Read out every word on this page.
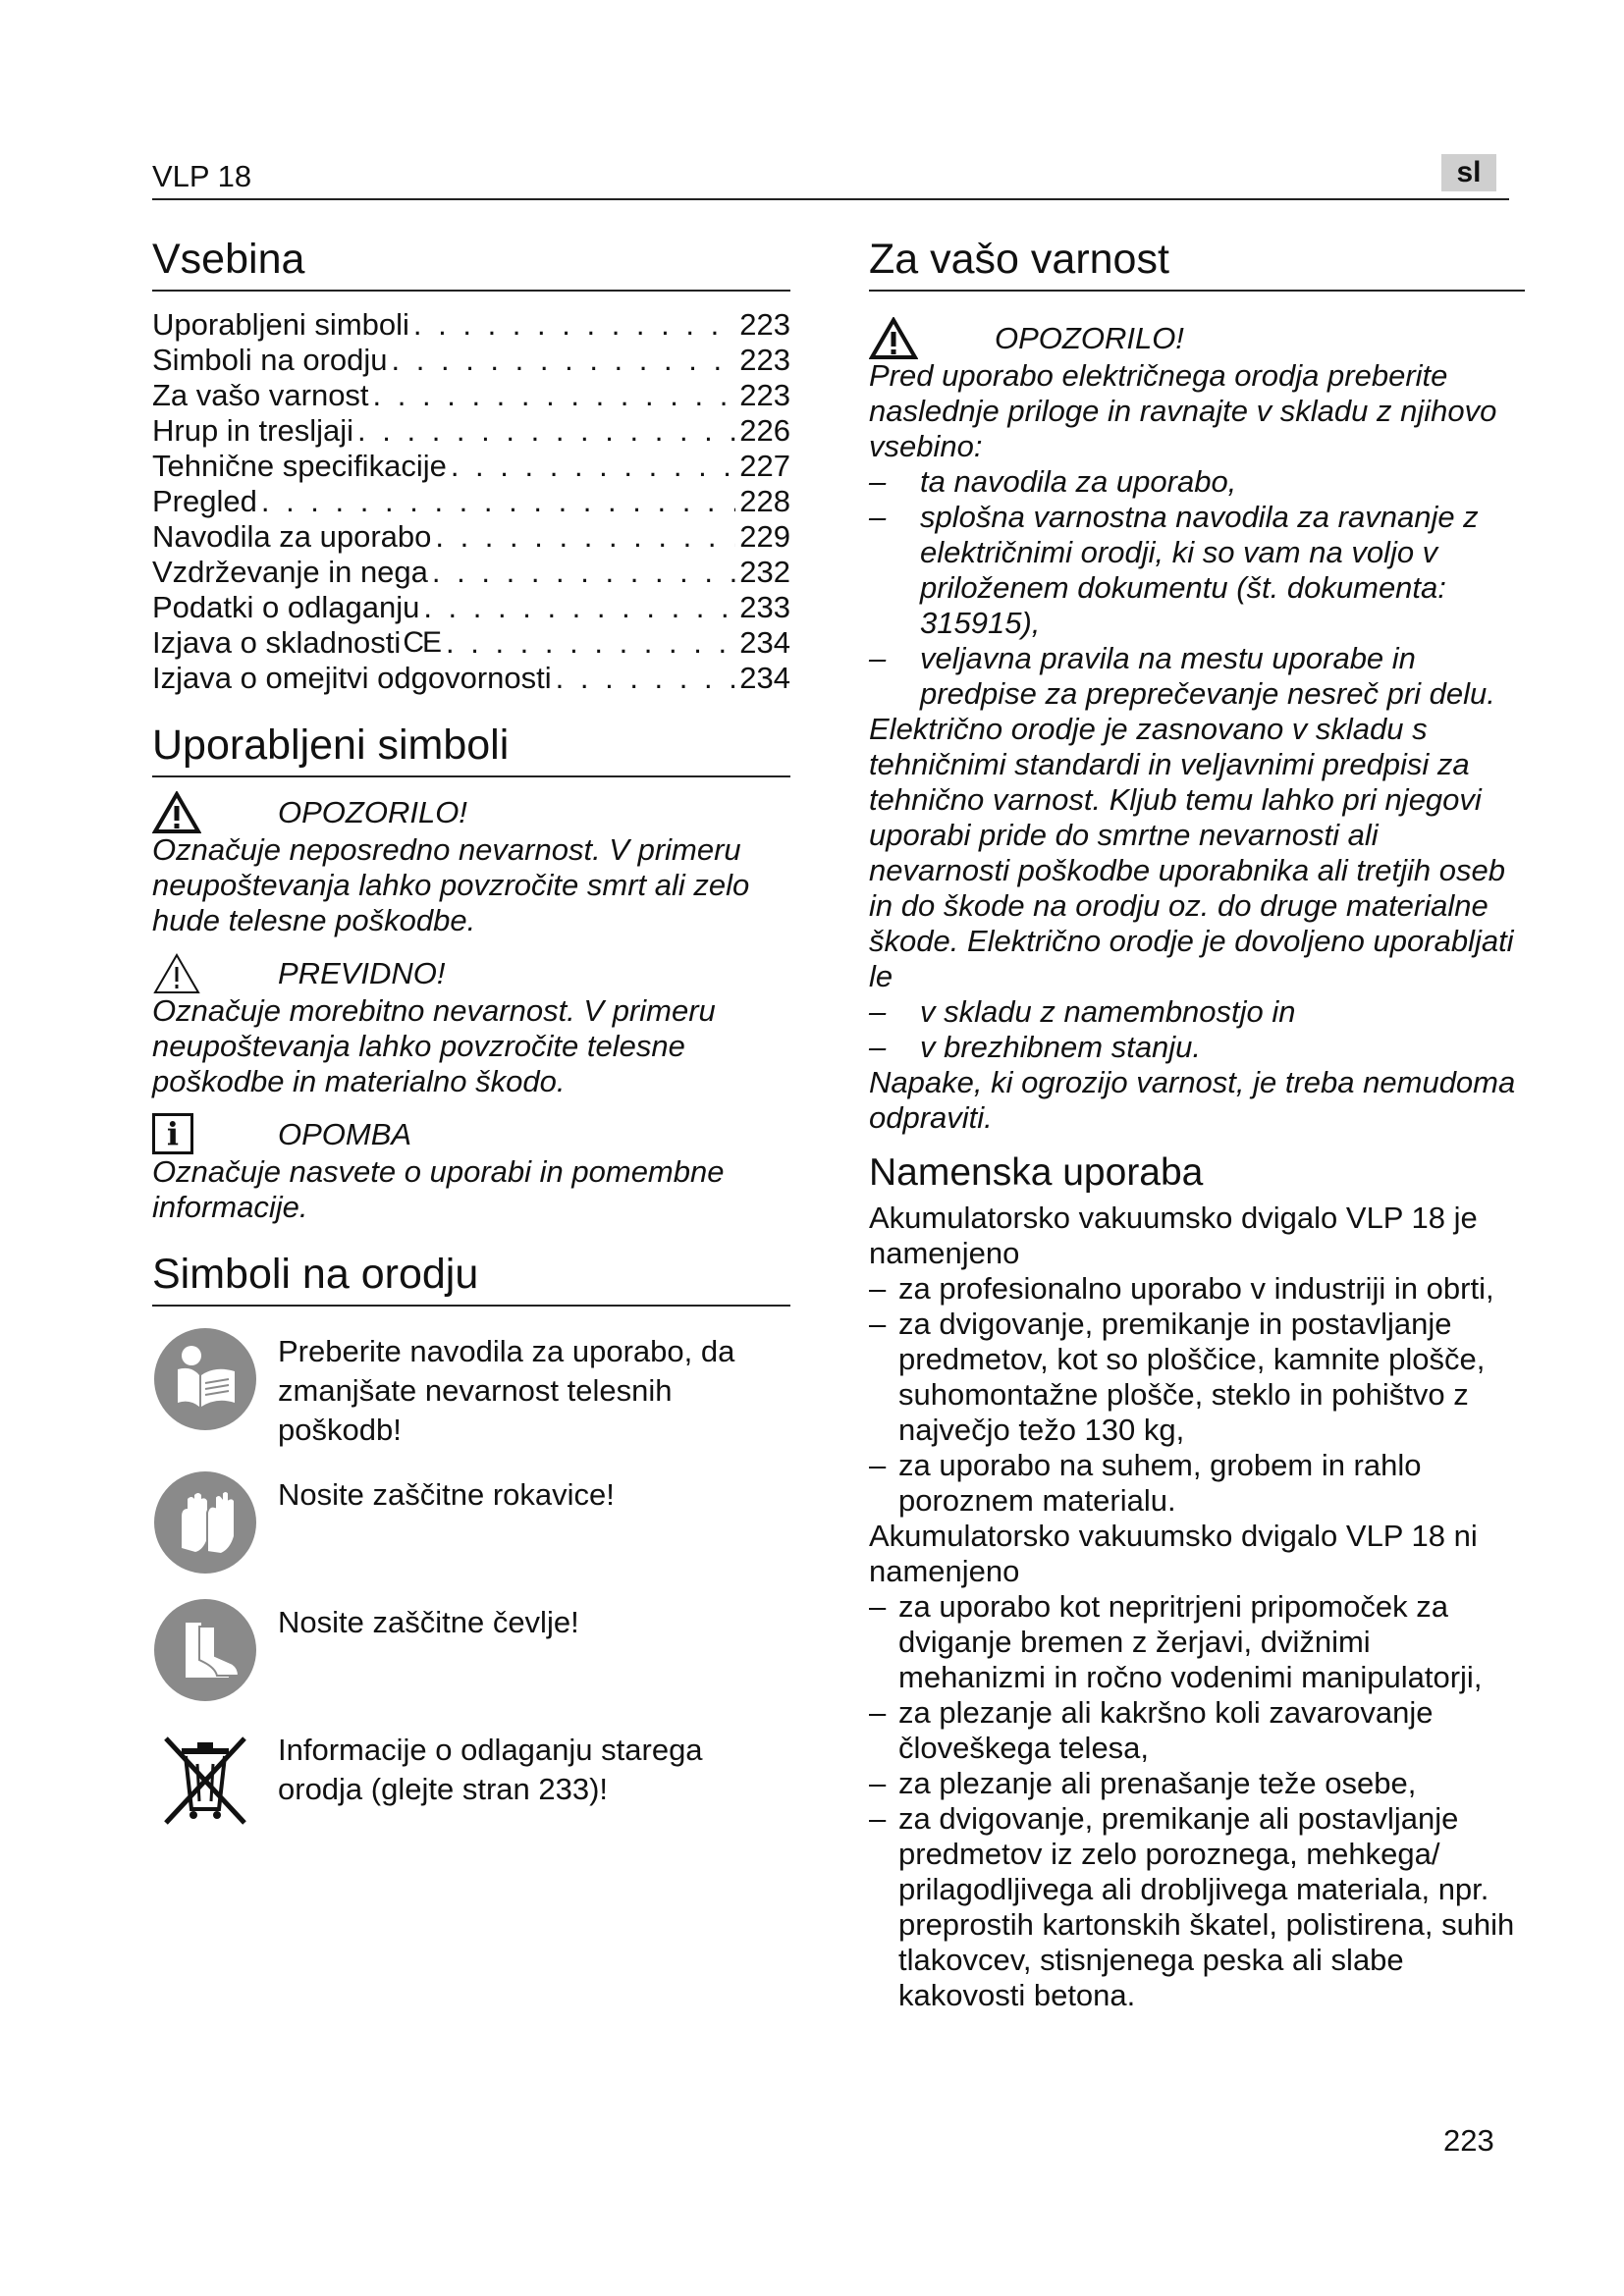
VLP 18	sl
Vsebina
Uporabljeni simboli . . .	223
Simboli na orodju . . .	223
Za vašo varnost . . .	223
Hrup in tresljaji . . .	226
Tehnične specifikacije . . .	227
Pregled . . .	228
Navodila za uporabo . . .	229
Vzdrževanje in nega . . .	232
Podatki o odlaganju . . .	233
Izjava o skladnosti CE . . .	234
Izjava o omejitvi odgovornosti . . .	234
Uporabljeni simboli
OPOZORILO!
Označuje neposredno nevarnost. V primeru neupoštevanja lahko povzročite smrt ali zelo hude telesne poškodbe.
PREVIDNO!
Označuje morebitno nevarnost. V primeru neupoštevanja lahko povzročite telesne poškodbe in materialno škodo.
i	OPOMBA
Označuje nasvete o uporabi in pomembne informacije.
Simboli na orodju
Preberite navodila za uporabo, da zmanjšate nevarnost telesnih poškodb!
Nosite zaščitne rokavice!
Nosite zaščitne čevlje!
Informacije o odlaganju starega orodja (glejte stran 233)!
Za vašo varnost
OPOZORILO!
Pred uporabo električnega orodja preberite naslednje priloge in ravnajte v skladu z njihovo vsebino:
–	ta navodila za uporabo,
–	splošna varnostna navodila za ravnanje z električnimi orodji, ki so vam na voljo v priloženem dokumentu (št. dokumenta: 315915),
–	veljavna pravila na mestu uporabe in predpise za preprečevanje nesreč pri delu.
Električno orodje je zasnovano v skladu s tehničnimi standardi in veljavnimi predpisi za tehnično varnost. Kljub temu lahko pri njegovi uporabi pride do smrtne nevarnosti ali nevarnosti poškodbe uporabnika ali tretjih oseb in do škode na orodju oz. do druge materialne škode. Električno orodje je dovoljeno uporabljati le
–	v skladu z namembnostjo in
–	v brezhibnem stanju.
Napake, ki ogrozijo varnost, je treba nemudoma odpraviti.
Namenska uporaba
Akumulatorsko vakuumsko dvigalo VLP 18 je namenjeno
– za profesionalno uporabo v industriji in obrti,
– za dvigovanje, premikanje in postavljanje predmetov, kot so ploščice, kamnite plošče, suhomontažne plošče, steklo in pohištvo z največjo težo 130 kg,
– za uporabo na suhem, grobem in rahlo poroznem materialu.
Akumulatorsko vakuumsko dvigalo VLP 18 ni namenjeno
– za uporabo kot nepritrjeni pripomoček za dviganje bremen z žerjavi, dvižnimi mehanizmi in ročno vodenimi manipulatorji,
– za plezanje ali kakršno koli zavarovanje človeškega telesa,
– za plezanje ali prenašanje teže osebe,
– za dvigovanje, premikanje ali postavljanje predmetov iz zelo poroznega, mehkega/ prilagodljivega ali drobljivega materiala, npr. preprostih kartonskih škatel, polistirena, suhih tlakovcev, stisnjenega peska ali slabe kakovosti betona.
223
